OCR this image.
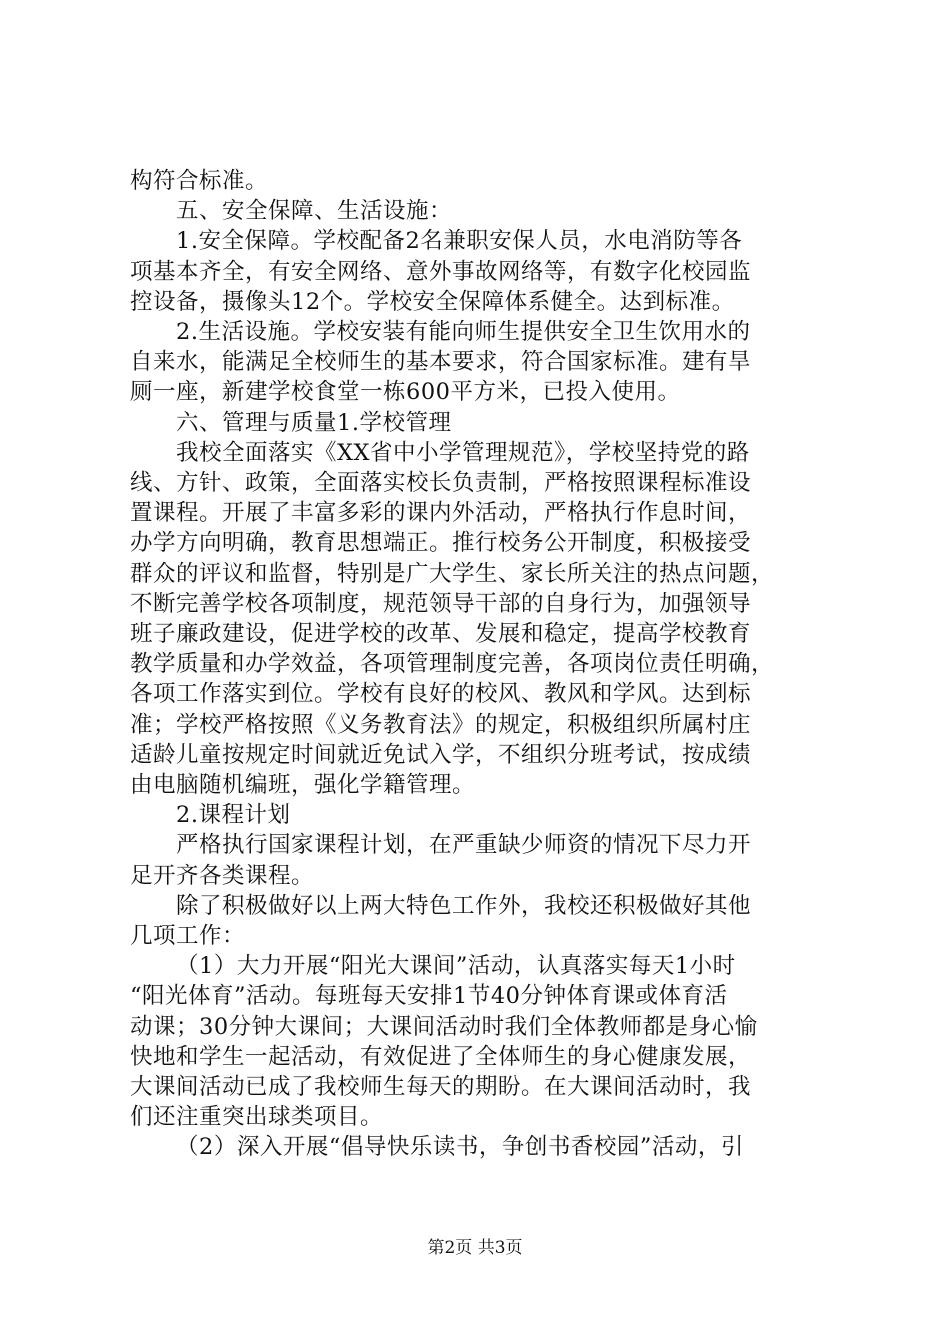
构符合标准。
五、安全保障、生活设施：
1.安全保障。学校配备2名兼职安保人员，水电消防等各
项基本齐全，有安全网络、意外事故网络等，有数字化校园监
控设备，摄像头12个。学校安全保障体系健全。达到标准。
2.生活设施。学校安装有能向师生提供安全卫生饮用水的
自来水，能满足全校师生的基本要求，符合国家标准。建有旱
厕一座，新建学校食堂一栋600平方米，已投入使用。
六、管理与质量1.学校管理
我校全面落实《XX省中小学管理规范》，学校坚持党的路
线、方针、政策，全面落实校长负责制，严格按照课程标准设
置课程。开展了丰富多彩的课内外活动，严格执行作息时间，
办学方向明确，教育思想端正。推行校务公开制度，积极接受
群众的评议和监督，特别是广大学生、家长所关注的热点问题，
不断完善学校各项制度，规范领导干部的自身行为，加强领导
班子廉政建设，促进学校的改革、发展和稳定，提高学校教育
教学质量和办学效益，各项管理制度完善，各项岗位责任明确，
各项工作落实到位。学校有良好的校风、教风和学风。达到标
准；学校严格按照《义务教育法》的规定，积极组织所属村庄
适龄儿童按规定时间就近免试入学，不组织分班考试，按成绩
由电脑随机编班，强化学籍管理。
2.课程计划
严格执行国家课程计划，在严重缺少师资的情况下尽力开
足开齐各类课程。
除了积极做好以上两大特色工作外，我校还积极做好其他
几项工作：
（1）大力开展“阳光大课间”活动，认真落实每天1小时
“阳光体育”活动。每班每天安排1节40分钟体育课或体育活
动课；30分钟大课间；大课间活动时我们全体教师都是身心愉
快地和学生一起活动，有效促进了全体师生的身心健康发展，
大课间活动已成了我校师生每天的期盼。在大课间活动时，我
们还注重突出球类项目。
（2）深入开展“倡导快乐读书，争创书香校园”活动，引
第2页 共3页
